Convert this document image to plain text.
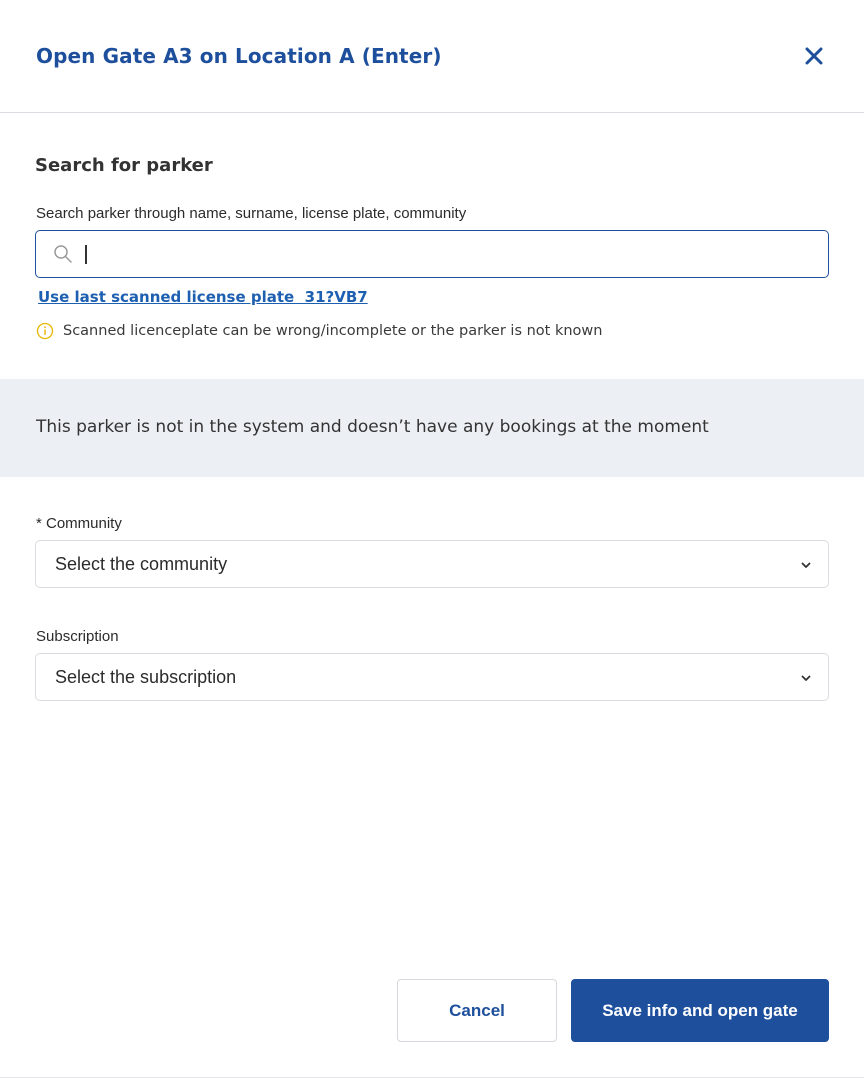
Open Gate A3 on Location A (Enter)
Search for parker
Search parker through name, surname, license plate, community
Use last scanned license plate  31?VB7
Scanned licenceplate can be wrong/incomplete or the parker is not known
This parker is not in the system and doesn’t have any bookings at the moment
* Community
Select the community
Subscription
Select the subscription
Cancel	Save info and open gate
